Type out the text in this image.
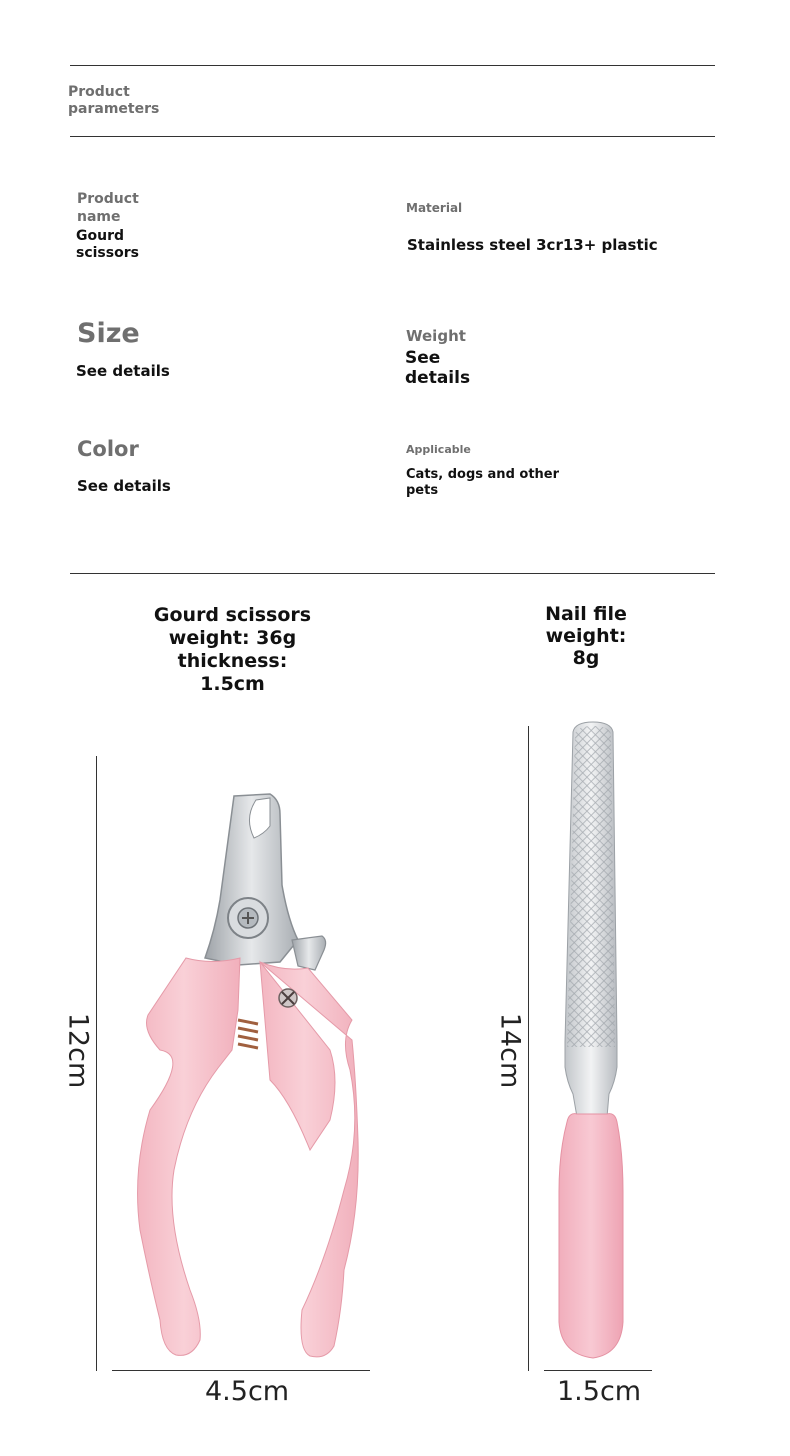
Product parameters
Product name
Gourd scissors
Material
Stainless steel 3cr13+ plastic
Size
See details
Weight
See details
Color
See details
Applicable
Cats, dogs and other pets
Gourd scissors
weight: 36g
thickness:
1.5cm
Nail file
weight:
8g
12cm
4.5cm
14cm
1.5cm
